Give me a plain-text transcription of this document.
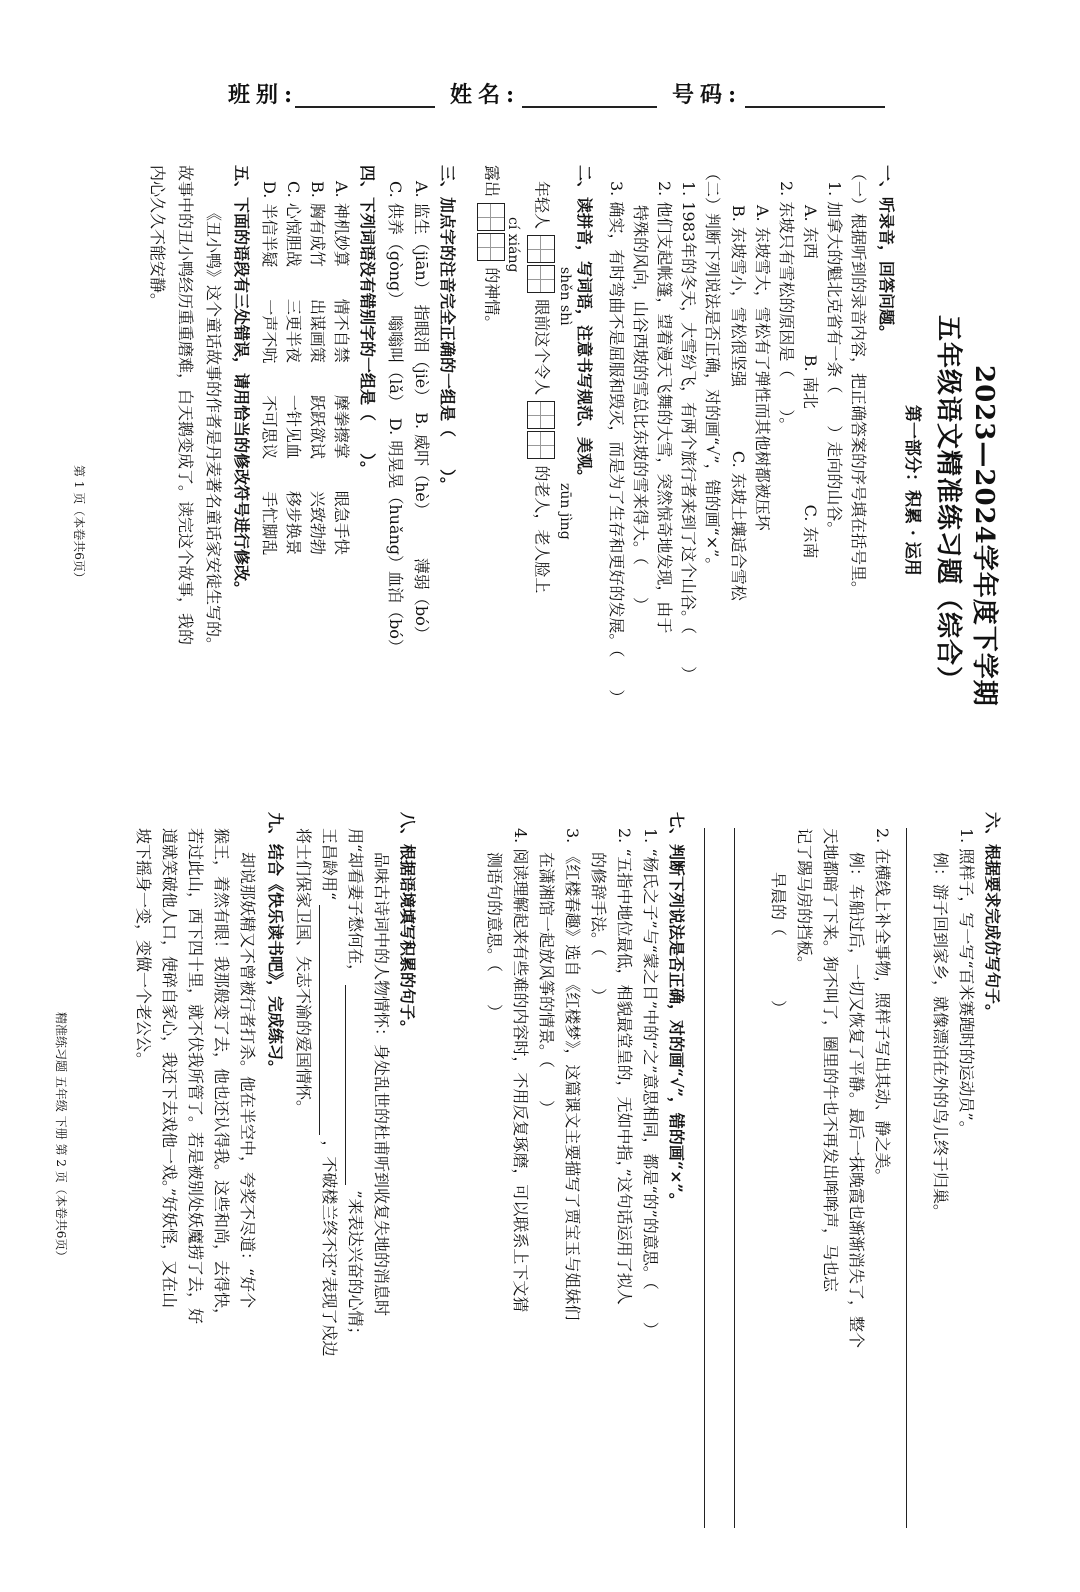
班别:	姓名:	号码:
2023—2024学年度下学期
五年级语文精准练习题（综合）
第一部分：积累 · 运用
一、听录音，回答问题。
（一）根据听到的录音内容，把正确答案的序号填在括号里。
1. 加拿大的魁北克省有一条（　　）走向的山谷。
A. 东西　　　　　　B. 南北　　　　　　C. 东南
2. 东坡只有雪松的原因是（　　）。
A. 东坡雪大，雪松有了弹性而其他树都被压坏
B. 东坡雪小，雪松很坚强　　　　C. 东坡土壤适合雪松
（二）判断下列说法是否正确，对的画“√”，错的画“×”。
1. 1983年的冬天，大雪纷飞，有两个旅行者来到了这个山谷。（　　）
2. 他们支起帐篷，望着漫天飞舞的大雪，突然惊奇地发现，由于
特殊的风向，山谷西坡的雪总比东坡的雪来得大。（　　）
3. 确实，有时弯曲不是屈服和毁灭，而是为了生存和更好的发展。（　　）
二、读拼音，写词语，注意书写规范、美观。
shěn shì
zūn jìng
年轻人  眼前这个令人  的老人，老人脸上
cí xiáng
露出  的神情。
三、加点字的注音完全正确的一组是（　　）。
A. 监生（jiān）　指眼泪（jiè）　B. 威吓（hè）　　　薄弱（bó）
C. 供养（gòng）　嗡嗡叫（lǎ）　D. 明晃晃（huǎng）血泊（bó）
四、下列词语没有错别字的一组是（　　）。
A. 神机妙算　　情不自禁　　摩拳擦掌　　眼急手快
B. 胸有成竹　　出谋画策　　跃跃欲试　　兴致勃勃
C. 心惊胆战　　三更半夜　　一针见血　　移步换景
D. 半信半疑　　一声不吭　　不可思议　　手忙脚乱
五、下面的语段有三处错误，请用恰当的修改符号进行修改。
《丑小鸭》这个童话故事的作者是丹麦著名童话家安徒生写的。
故事中的丑小鸭经历重重磨难，白天鹅变成了。读完这个故事，我的
内心久久不能安静。
第 1 页（本卷共6页）
六、根据要求完成仿写句子。
1. 照样子，写一写“百米赛跑时的运动员”。
例：游子回到家乡，就像漂泊在外的鸟儿终于归巢。
2. 在横线上补全事物，照样子写出其动、静之美。
例：车船过后，一切又恢复了平静。最后一抹晚霞也渐渐消失了，整个
天地都暗了下来。狗不叫了，圈里的牛也不再发出哞哞声，马也忘
记了踢马房的挡板。
早晨的（　　　　）
七、判断下列说法是否正确，对的画“√”，错的画“×”。
1. “杨氏之子”与“蒙之日”中的“之”意思相同，都是“的”的意思。（　　）
2. “五指中地位最低，相貌最堂皇的，无如中指，”这句话运用了拟人
的修辞手法。（　　）
3. 《红楼春趣》选自《红楼梦》，这篇课文主要描写了贾宝玉与姐妹们
在潇湘馆一起放风筝的情景。（　　）
4. 阅读理解起来有些难的内容时，不用反复琢磨，可以联系上下文猜
测语句的意思。（　　）
八、根据语境填写积累的句子。
品味古诗词中的人物情怀：身处乱世的杜甫听到收复失地的消息时
用“却看妻子愁何在，   ”来表达兴奋的心情；
王昌龄用“   ，不破楼兰终不还”表现了戍边
将士们保家卫国、矢志不渝的爱国情怀。
九、结合《快乐读书吧》，完成练习。
却说那妖精又不曾被行者打杀。他在半空中，夸奖不尽道：“好个
猴王，着然有眼！我那般变了去，他也还认得我。这些和尚，去得快，
若过此山，西下四十里，就不伏我所管了。若是被别处妖魔捞了去，好
道就笑破他人口，使碎自家心，我还下去戏他一戏。”好妖怪，又在山
坡下摇身一变，变做一个老公公。
精准练习题 五年级 下册 第 2 页（本卷共6页）
